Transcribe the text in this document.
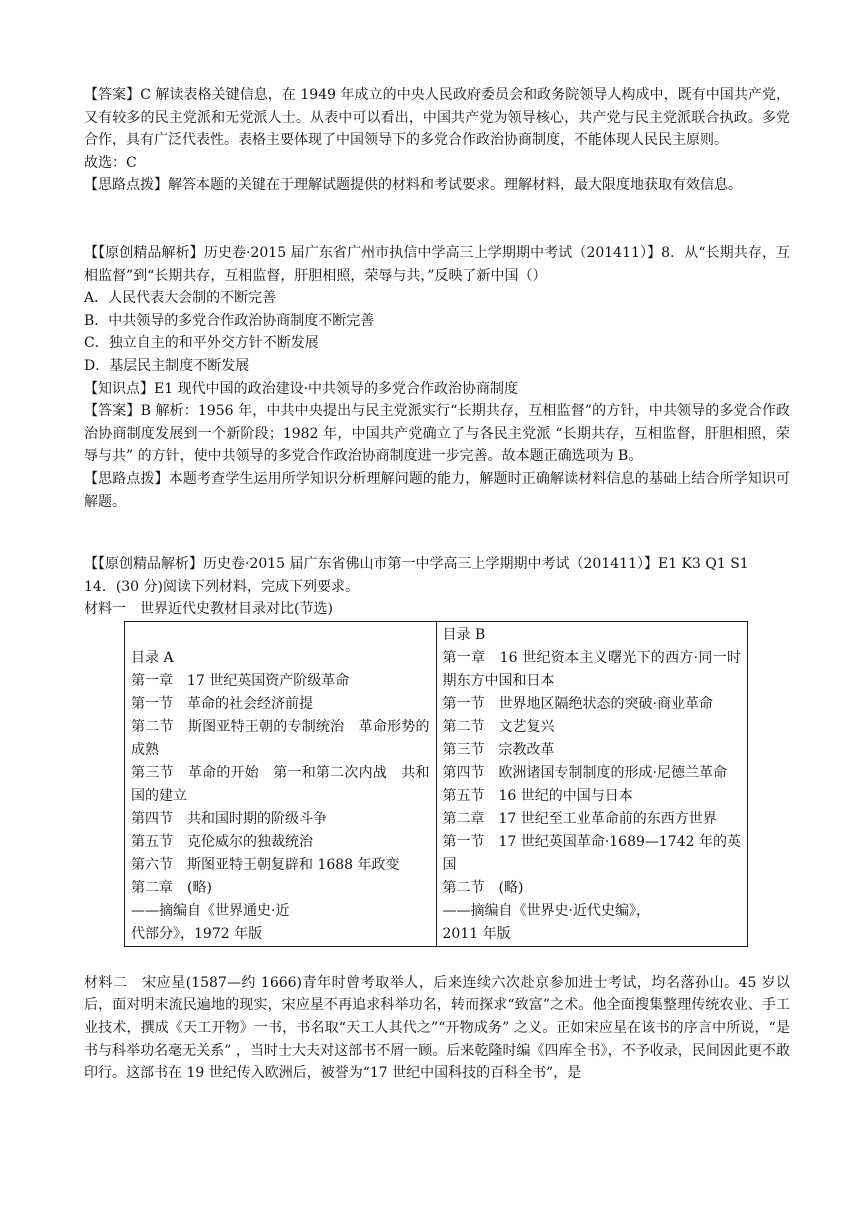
【答案】C 解读表格关键信息，在 1949 年成立的中央人民政府委员会和政务院领导人构成中，既有中国共产党，又有较多的民主党派和无党派人士。从表中可以看出，中国共产党为领导核心，共产党与民主党派联合执政。多党合作，具有广泛代表性。表格主要体现了中国领导下的多党合作政治协商制度，不能体现人民民主原则。

故选：C

【思路点拨】解答本题的关键在于理解试题提供的材料和考试要求。理解材料，最大限度地获取有效信息。

【【原创精品解析】历史卷·2015 届广东省广州市执信中学高三上学期期中考试（201411）】8．从“长期共存，互相监督”到“长期共存，互相监督，肝胆相照，荣辱与共，”反映了新中国（）

A．人民代表大会制的不断完善

B．中共领导的多党合作政治协商制度不断完善

C．独立自主的和平外交方针不断发展

D．基层民主制度不断发展

【知识点】E1 现代中国的政治建设·中共领导的多党合作政治协商制度

【答案】B 解析：1956 年，中共中央提出与民主党派实行“长期共存，互相监督”的方针，中共领导的多党合作政治协商制度发展到一个新阶段；1982 年，中国共产党确立了与各民主党派 “长期共存，互相监督，肝胆相照，荣辱与共” 的方针，使中共领导的多党合作政治协商制度进一步完善。故本题正确选项为 B。

【思路点拨】本题考查学生运用所学知识分析理解问题的能力，解题时正确解读材料信息的基础上结合所学知识可解题。

【【原创精品解析】历史卷·2015 届广东省佛山市第一中学高三上学期期中考试（201411）】E1 K3 Q1 S1

14．(30 分)阅读下列材料，完成下列要求。

材料一　世界近代史教材目录对比(节选)

目录 A

第一章　17 世纪英国资产阶级革命

第一节　革命的社会经济前提

第二节　斯图亚特王朝的专制统治　革命形势的成熟

第三节　革命的开始　第一和第二次内战　共和国的建立

第四节　共和国时期的阶级斗争

第五节　克伦威尔的独裁统治

第六节　斯图亚特王朝复辟和 1688 年政变

第二章　(略)

——摘编自《世界通史·近

代部分》，1972 年版

目录 B

第一章　16 世纪资本主义曙光下的西方·同一时期东方中国和日本

第一节　世界地区隔绝状态的突破·商业革命

第二节　文艺复兴

第三节　宗教改革

第四节　欧洲诸国专制制度的形成·尼德兰革命

第五节　16 世纪的中国与日本

第二章　17 世纪至工业革命前的东西方世界

第一节　17 世纪英国革命·1689—1742 年的英国

第二节　(略)

——摘编自《世界史·近代史编》，

2011 年版

材料二　宋应星(1587—约 1666)青年时曾考取举人，后来连续六次赴京参加进士考试，均名落孙山。45 岁以后，面对明末流民遍地的现实，宋应星不再追求科举功名，转而探求“致富”之术。他全面搜集整理传统农业、手工业技术，撰成《天工开物》一书，书名取“天工人其代之”“开物成务” 之义。正如宋应星在该书的序言中所说，“是书与科举功名毫无关系” ，当时士大夫对这部书不屑一顾。后来乾隆时编《四库全书》，不予收录，民间因此更不敢印行。这部书在 19 世纪传入欧洲后，被誉为“17 世纪中国科技的百科全书”，是
